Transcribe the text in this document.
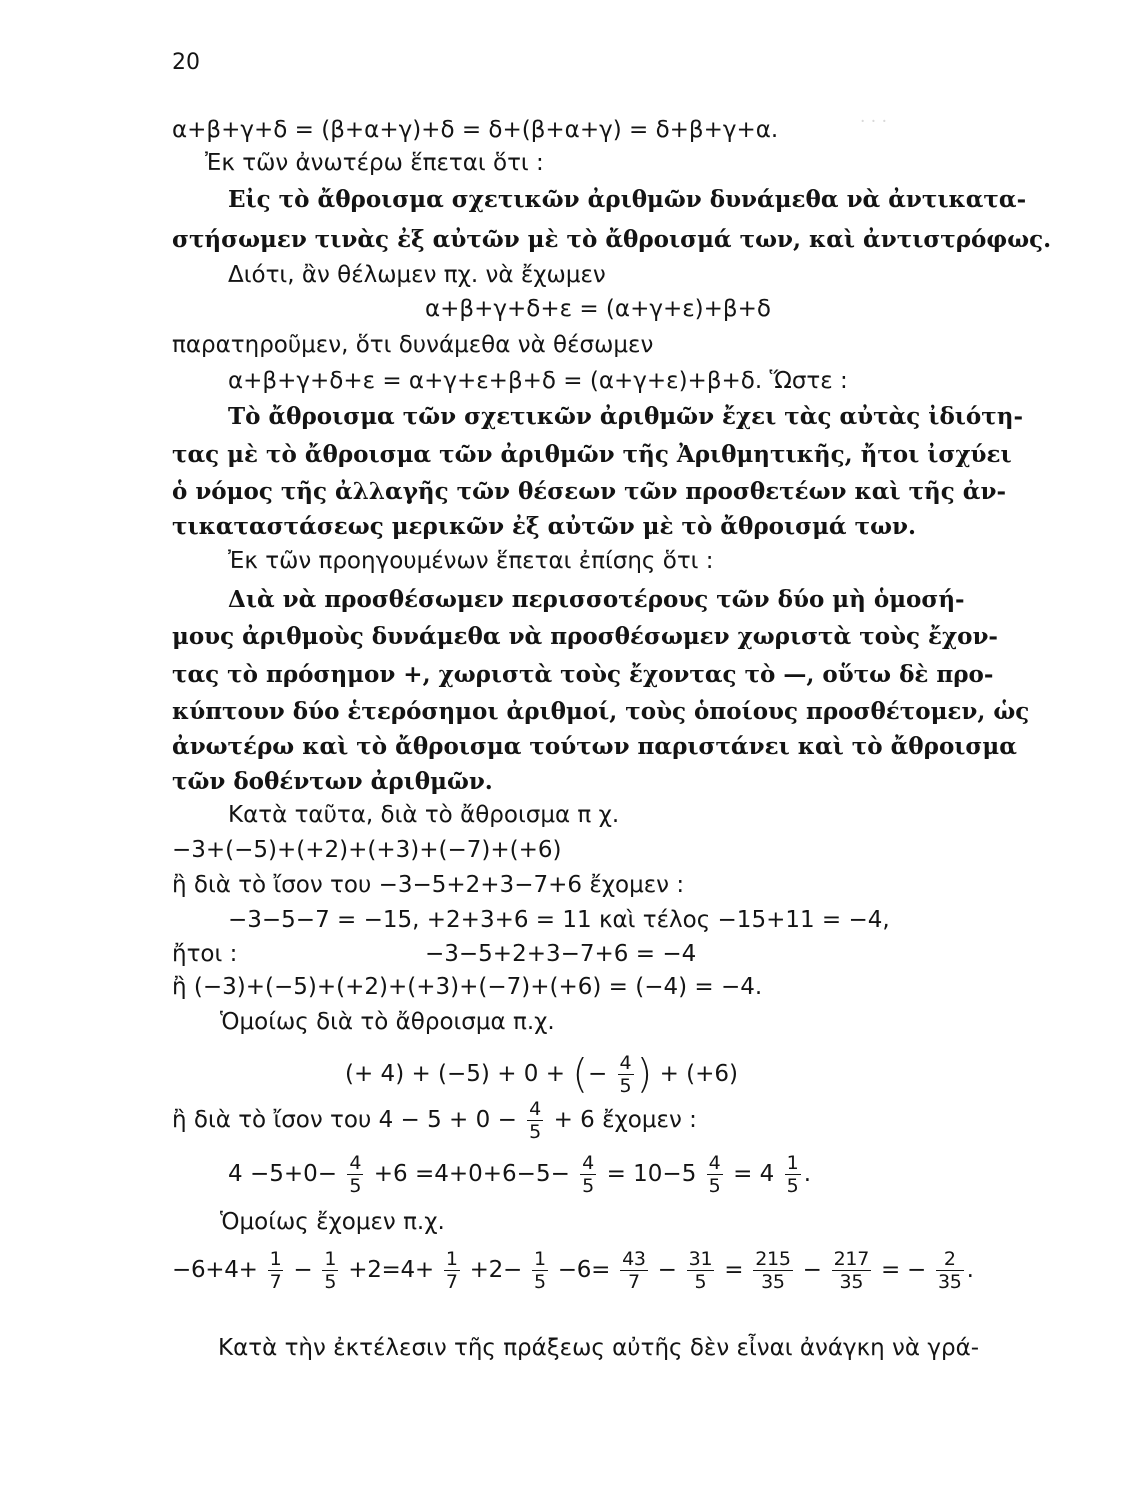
· · ·
20
α+β+γ+δ = (β+α+γ)+δ = δ+(β+α+γ) = δ+β+γ+α.
Ἐκ τῶν ἀνωτέρω ἕπεται ὅτι :
Εἰς τὸ ἄθροισμα σχετικῶν ἀριθμῶν δυνάμεθα νὰ ἀντικατα-
στήσωμεν τινὰς ἐξ αὐτῶν μὲ τὸ ἄθροισμά των, καὶ ἀντιστρόφως.
Διότι, ἂν θέλωμεν πχ. νὰ ἔχωμεν
α+β+γ+δ+ε = (α+γ+ε)+β+δ
παρατηροῦμεν, ὅτι δυνάμεθα νὰ θέσωμεν
α+β+γ+δ+ε = α+γ+ε+β+δ = (α+γ+ε)+β+δ. Ὥστε :
Τὸ ἄθροισμα τῶν σχετικῶν ἀριθμῶν ἔχει τὰς αὐτὰς ἰδιότη-
τας μὲ τὸ ἄθροισμα τῶν ἀριθμῶν τῆς Ἀριθμητικῆς, ἤτοι ἰσχύει
ὁ νόμος τῆς ἀλλαγῆς τῶν θέσεων τῶν προσθετέων καὶ τῆς ἀν-
τικαταστάσεως μερικῶν ἐξ αὐτῶν μὲ τὸ ἄθροισμά των.
Ἐκ τῶν προηγουμένων ἕπεται ἐπίσης ὅτι :
Διὰ νὰ προσθέσωμεν περισσοτέρους τῶν δύο μὴ ὁμοσή-
μους ἀριθμοὺς δυνάμεθα νὰ προσθέσωμεν χωριστὰ τοὺς ἔχον-
τας τὸ πρόσημον +, χωριστὰ τοὺς ἔχοντας τὸ —, οὕτω δὲ προ-
κύπτουν δύο ἑτερόσημοι ἀριθμοί, τοὺς ὁποίους προσθέτομεν, ὡς
ἀνωτέρω καὶ τὸ ἄθροισμα τούτων παριστάνει καὶ τὸ ἄθροισμα
τῶν δοθέντων ἀριθμῶν.
Κατὰ ταῦτα, διὰ τὸ ἄθροισμα π χ.
−3+(−5)+(+2)+(+3)+(−7)+(+6)
ἢ διὰ τὸ ἴσον του −3−5+2+3−7+6 ἔχομεν :
−3−5−7 = −15, +2+3+6 = 11 καὶ τέλος −15+11 = −4,
ἤτοι :	−3−5+2+3−7+6 = −4
ἢ (−3)+(−5)+(+2)+(+3)+(−7)+(+6) = (−4) = −4.
Ὁμοίως διὰ τὸ ἄθροισμα π.χ.
(+ 4) + (−5) + 0 + (− $\frac{4}{5}$ ) + (+6)
ἢ διὰ τὸ ἴσον του $4 - 5 + 0 - \frac{4}{5} + 6$ ἔχομεν :
$4 -5+0- \frac{4}{5} +6 =4+0+6-5- \frac{4}{5} = 10-5 \frac{4}{5} = 4 \frac{1}{5}$ .
Ὁμοίως ἔχομεν π.χ.
$-6+4+ \frac{1}{7} - \frac{1}{5} +2=4+ \frac{1}{7} +2- \frac{1}{5} -6= \frac{43}{7} - \frac{31}{5} = \frac{215}{35} - \frac{217}{35}$ = − $\frac{2}{35}$ .
Κατὰ τὴν ἐκτέλεσιν τῆς πράξεως αὐτῆς δὲν εἶναι ἀνάγκη νὰ γρά-
